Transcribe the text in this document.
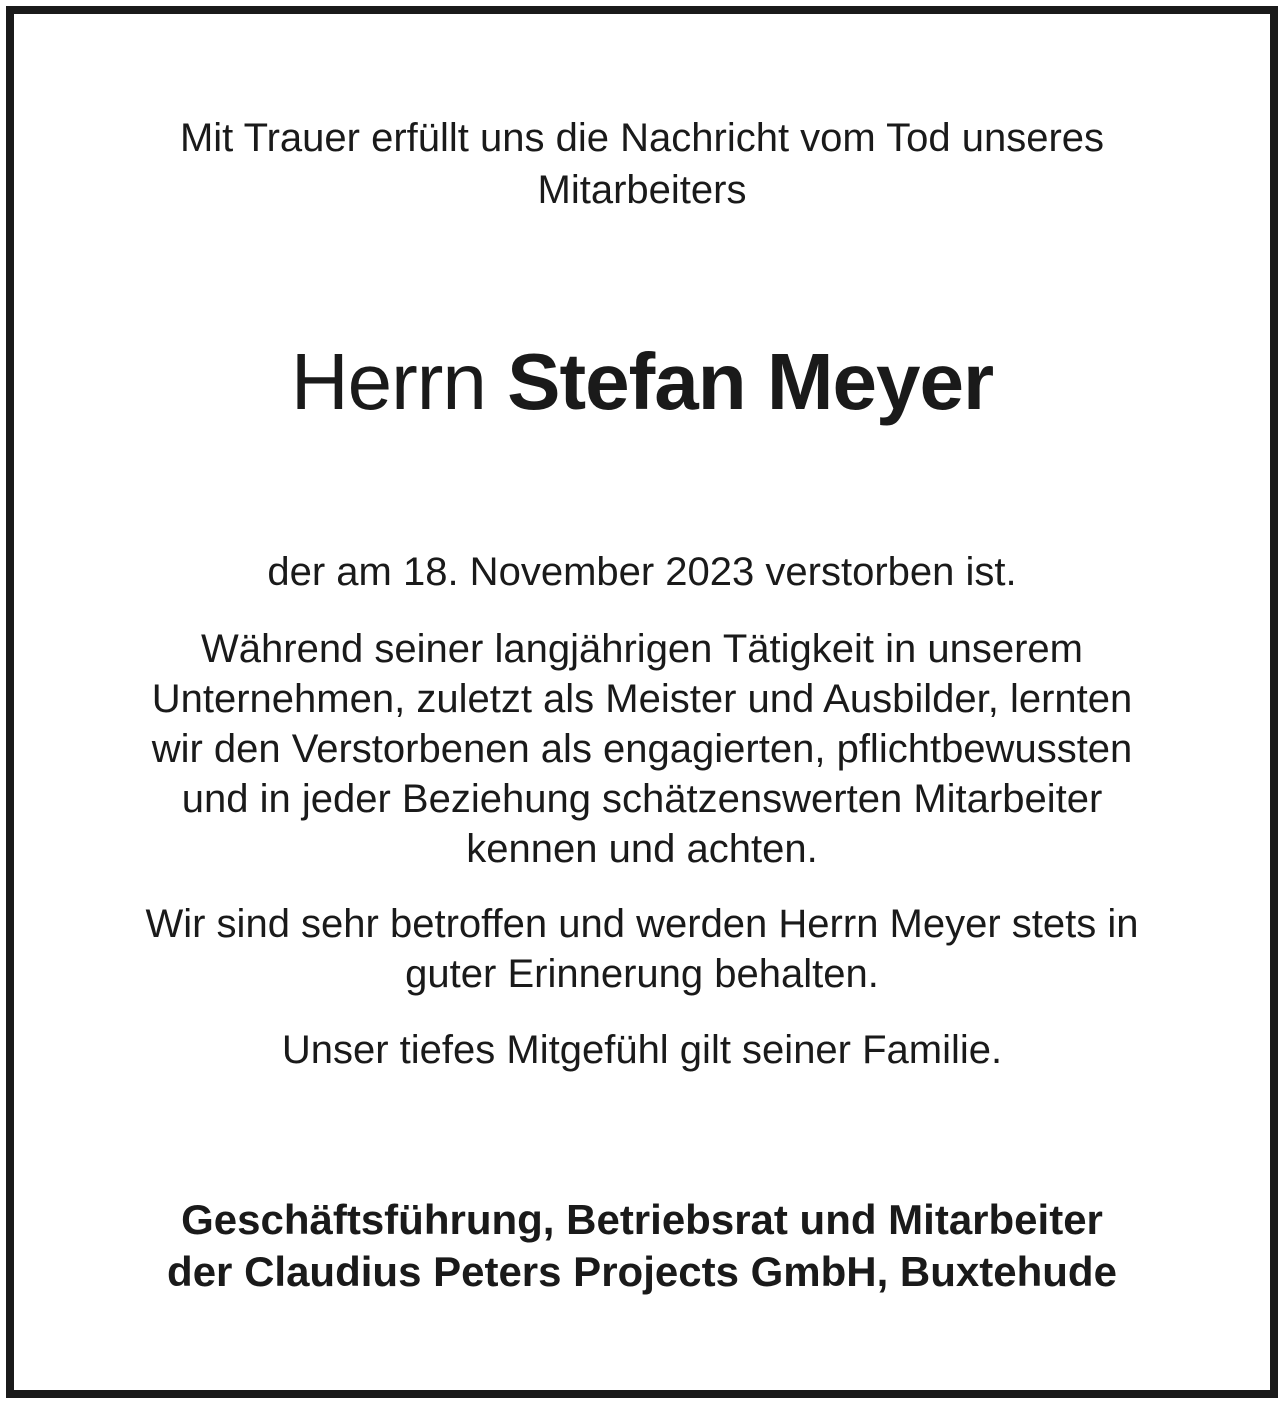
Mit Trauer erfüllt uns die Nachricht vom Tod unseres
Mitarbeiters
Herrn Stefan Meyer
der am 18. November 2023 verstorben ist.
Während seiner langjährigen Tätigkeit in unserem
Unternehmen, zuletzt als Meister und Ausbilder, lernten
wir den Verstorbenen als engagierten, pflichtbewussten
und in jeder Beziehung schätzenswerten Mitarbeiter
kennen und achten.
Wir sind sehr betroffen und werden Herrn Meyer stets in
guter Erinnerung behalten.
Unser tiefes Mitgefühl gilt seiner Familie.
Geschäftsführung, Betriebsrat und Mitarbeiter
der Claudius Peters Projects GmbH, Buxtehude
